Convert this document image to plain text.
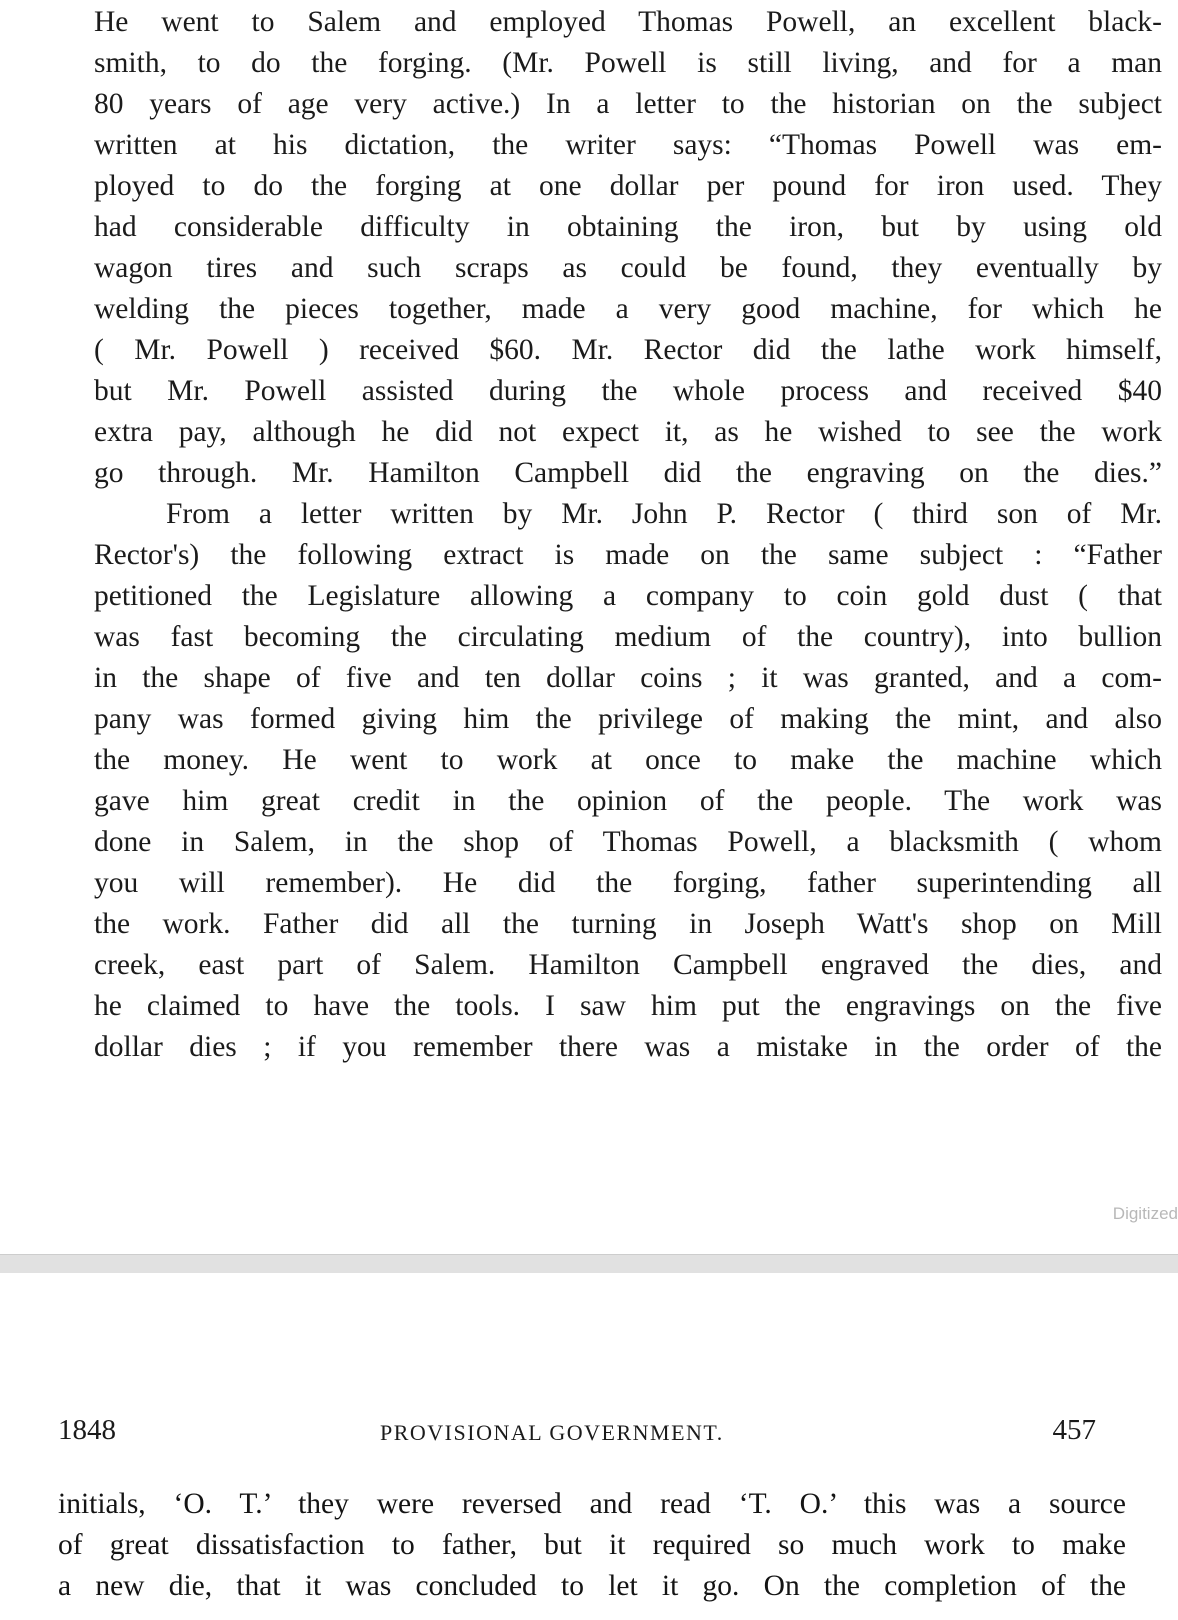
He went to Salem and employed Thomas Powell, an excellent black-
smith, to do the forging. (Mr. Powell is still living, and for a man
80 years of age very active.) In a letter to the historian on the subject
written at his dictation, the writer says: “Thomas Powell was em-
ployed to do the forging at one dollar per pound for iron used. They
had considerable difficulty in obtaining the iron, but by using old
wagon tires and such scraps as could be found, they eventually by
welding the pieces together, made a very good machine, for which he
( Mr. Powell ) received $60. Mr. Rector did the lathe work himself,
but Mr. Powell assisted during the whole process and received $40
extra pay, although he did not expect it, as he wished to see the work
go through. Mr. Hamilton Campbell did the engraving on the dies.”
From a letter written by Mr. John P. Rector ( third son of Mr.
Rector's) the following extract is made on the same subject : “Father
petitioned the Legislature allowing a company to coin gold dust ( that
was fast becoming the circulating medium of the country), into bullion
in the shape of five and ten dollar coins ; it was granted, and a com-
pany was formed giving him the privilege of making the mint, and also
the money. He went to work at once to make the machine which
gave him great credit in the opinion of the people. The work was
done in Salem, in the shop of Thomas Powell, a blacksmith ( whom
you will remember). He did the forging, father superintending all
the work. Father did all the turning in Joseph Watt's shop on Mill
creek, east part of Salem. Hamilton Campbell engraved the dies, and
he claimed to have the tools. I saw him put the engravings on the five
dollar dies ; if you remember there was a mistake in the order of the
Digitized
1848	PROVISIONAL GOVERNMENT.	457
initials, ‘O. T.’ they were reversed and read ‘T. O.’ this was a source
of great dissatisfaction to father, but it required so much work to make
a new die, that it was concluded to let it go. On the completion of the
